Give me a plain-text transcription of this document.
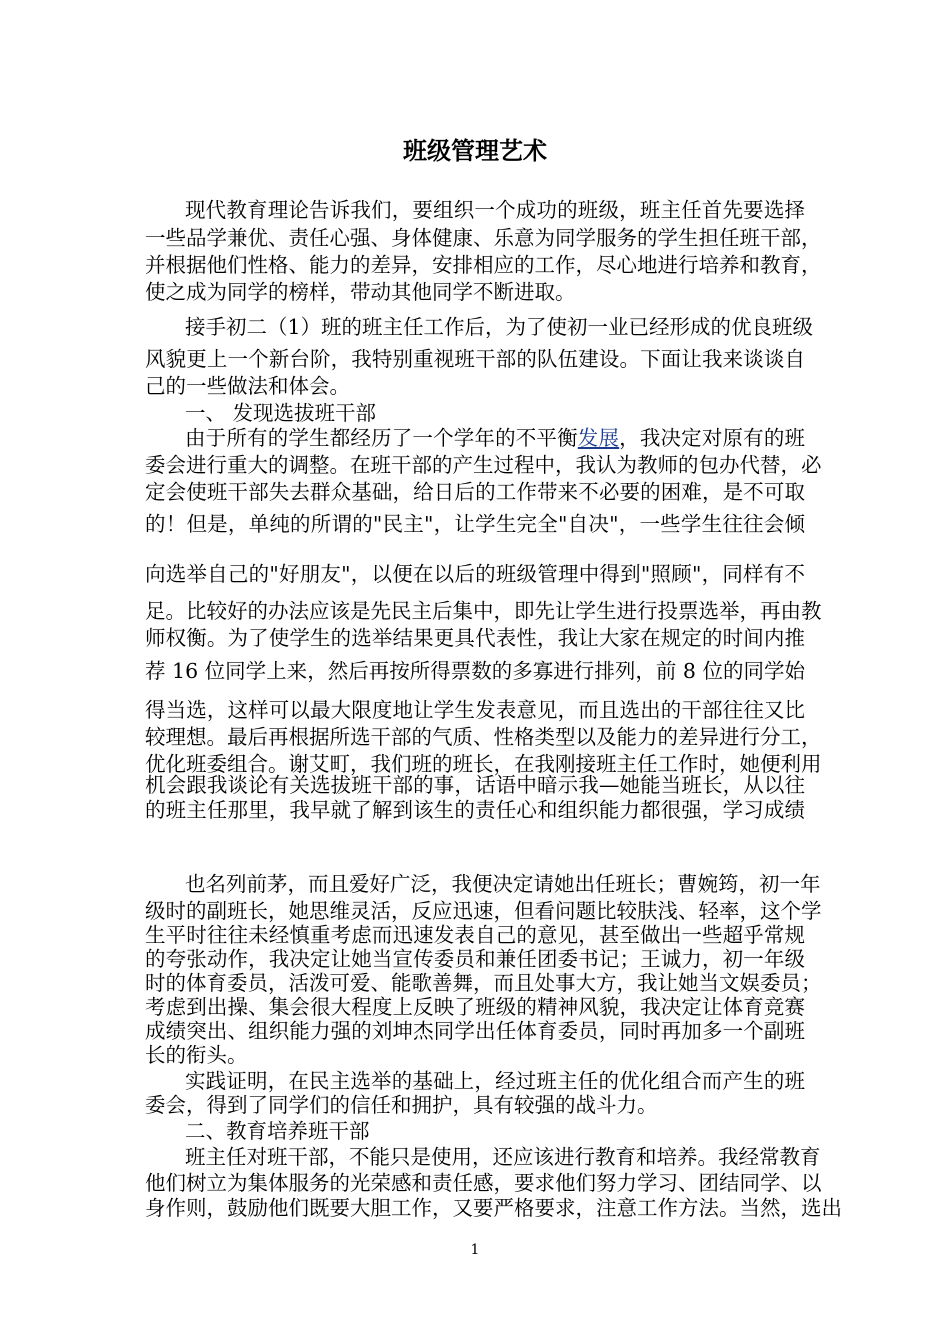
班级管理艺术
现代教育理论告诉我们，要组织一个成功的班级，班主任首先要选择
一些品学兼优、责任心强、身体健康、乐意为同学服务的学生担任班干部，
并根据他们性格、能力的差异，安排相应的工作，尽心地进行培养和教育，
使之成为同学的榜样，带动其他同学不断进取。
接手初二（1）班的班主任工作后，为了使初一业已经形成的优良班级
风貌更上一个新台阶，我特别重视班干部的队伍建设。下面让我来谈谈自
己的一些做法和体会。
一、 发现选拔班干部
由于所有的学生都经历了一个学年的不平衡发展，我决定对原有的班
委会进行重大的调整。在班干部的产生过程中，我认为教师的包办代替，必
定会使班干部失去群众基础，给日后的工作带来不必要的困难，是不可取
的！但是，单纯的所谓的"民主"，让学生完全"自决"，一些学生往往会倾
向选举自己的"好朋友"，以便在以后的班级管理中得到"照顾"，同样有不
足。比较好的办法应该是先民主后集中，即先让学生进行投票选举，再由教
师权衡。为了使学生的选举结果更具代表性，我让大家在规定的时间内推
荐 16 位同学上来，然后再按所得票数的多寡进行排列，前 8 位的同学始
得当选，这样可以最大限度地让学生发表意见，而且选出的干部往往又比
较理想。最后再根据所选干部的气质、性格类型以及能力的差异进行分工，
优化班委组合。谢艾町，我们班的班长，在我刚接班主任工作时，她便利用
机会跟我谈论有关选拔班干部的事，话语中暗示我—她能当班长，从以往
的班主任那里，我早就了解到该生的责任心和组织能力都很强，学习成绩
也名列前茅，而且爱好广泛，我便决定请她出任班长；曹婉筠，初一年
级时的副班长，她思维灵活，反应迅速，但看问题比较肤浅、轻率，这个学
生平时往往未经慎重考虑而迅速发表自己的意见，甚至做出一些超乎常规
的夸张动作，我决定让她当宣传委员和兼任团委书记；王诚力，初一年级
时的体育委员，活泼可爱、能歌善舞，而且处事大方，我让她当文娱委员；
考虑到出操、集会很大程度上反映了班级的精神风貌，我决定让体育竞赛
成绩突出、组织能力强的刘坤杰同学出任体育委员，同时再加多一个副班
长的衔头。
实践证明，在民主选举的基础上，经过班主任的优化组合而产生的班
委会，得到了同学们的信任和拥护，具有较强的战斗力。
二、教育培养班干部
班主任对班干部，不能只是使用，还应该进行教育和培养。我经常教育
他们树立为集体服务的光荣感和责任感，要求他们努力学习、团结同学、以
身作则，鼓励他们既要大胆工作，又要严格要求，注意工作方法。当然，选出
1
